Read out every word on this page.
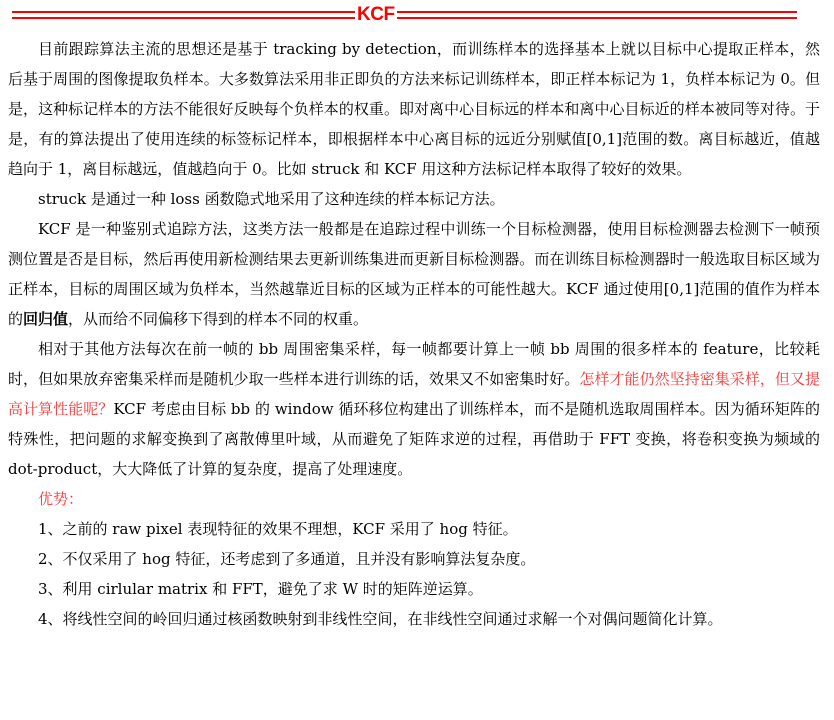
KCF

目前跟踪算法主流的思想还是基于 tracking by detection，而训练样本的选择基本上就以目标中心提取正样本，然后基于周围的图像提取负样本。大多数算法采用非正即负的方法来标记训练样本，即正样本标记为 1，负样本标记为 0。但是，这种标记样本的方法不能很好反映每个负样本的权重。即对离中心目标远的样本和离中心目标近的样本被同等对待。于是，有的算法提出了使用连续的标签标记样本，即根据样本中心离目标的远近分别赋值[0,1]范围的数。离目标越近，值越趋向于 1，离目标越远，值越趋向于 0。比如 struck 和 KCF 用这种方法标记样本取得了较好的效果。

struck 是通过一种 loss 函数隐式地采用了这种连续的样本标记方法。

KCF 是一种鉴别式追踪方法，这类方法一般都是在追踪过程中训练一个目标检测器，使用目标检测器去检测下一帧预测位置是否是目标，然后再使用新检测结果去更新训练集进而更新目标检测器。而在训练目标检测器时一般选取目标区域为正样本，目标的周围区域为负样本，当然越靠近目标的区域为正样本的可能性越大。KCF 通过使用[0,1]范围的值作为样本的回归值，从而给不同偏移下得到的样本不同的权重。

相对于其他方法每次在前一帧的 bb 周围密集采样，每一帧都要计算上一帧 bb 周围的很多样本的 feature，比较耗时，但如果放弃密集采样而是随机少取一些样本进行训练的话，效果又不如密集时好。怎样才能仍然坚持密集采样，但又提高计算性能呢？KCF 考虑由目标 bb 的 window 循环移位构建出了训练样本，而不是随机选取周围样本。因为循环矩阵的特殊性，把问题的求解变换到了离散傅里叶域，从而避免了矩阵求逆的过程，再借助于 FFT 变换，将卷积变换为频域的 dot-product，大大降低了计算的复杂度，提高了处理速度。

优势：

1、之前的 raw pixel 表现特征的效果不理想，KCF 采用了 hog 特征。

2、不仅采用了 hog 特征，还考虑到了多通道，且并没有影响算法复杂度。

3、利用 cirlular matrix 和 FFT，避免了求 W 时的矩阵逆运算。

4、将线性空间的岭回归通过核函数映射到非线性空间，在非线性空间通过求解一个对偶问题简化计算。
